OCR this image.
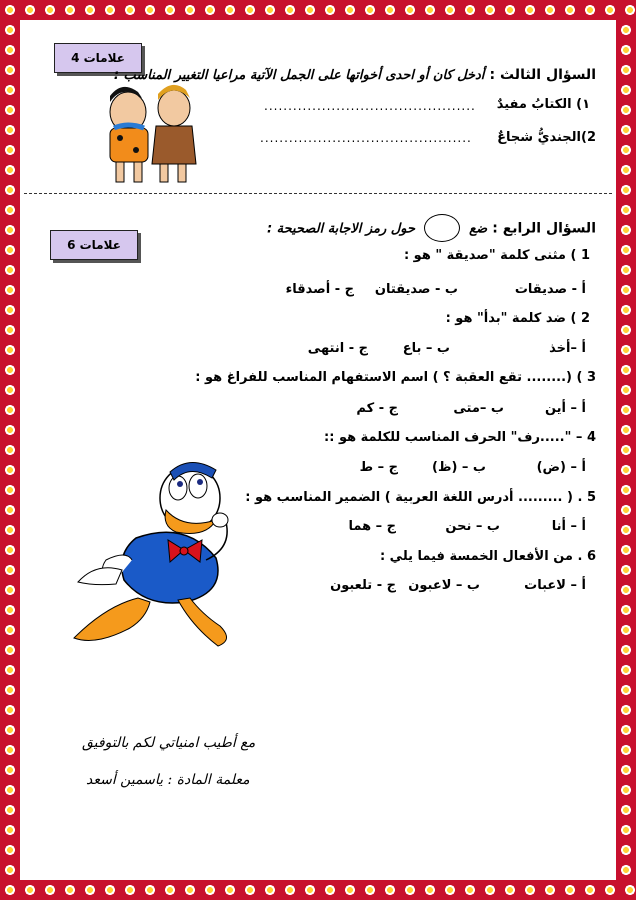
4 علامات
السؤال الثالث : أدخل كان أو احدى أخواتها على الجمل الآتية مراعيا التغيير المناسب :
١) الكتابُ مفيدٌ
............................................
2)الجنديُّ شجاعٌ
............................................
6 علامات
السؤال الرابع : ضع  حول رمز الاجابة الصحيحة :
1 ) مثنى كلمة "صديقة " هو :
أ - صديقات
ب - صديقتان
ج - أصدقاء
2 ) ضد كلمة "بدأ" هو :
أ –أخذ
ب – باع
ج - انتهى
3 ) (........ تقع العقبة ؟ ) اسم الاستفهام المناسب للفراغ هو :
أ – أين
ب –متى
ج - كم
4 – ".....رف" الحرف المناسب للكلمة هو ::
أ – (ض)
ب – (ظ)
ج – ط
5 . ( ......... أدرس اللغة العربية ) الضمير المناسب هو :
أ – أنا
ب – نحن
ج – هما
6 . من الأفعال الخمسة فيما يلي :
أ – لاعبات
ب – لاعبون
ج - تلعبون
مع أطيب امنياتي لكم بالتوفيق
معلمة المادة : ياسمين أسعد
